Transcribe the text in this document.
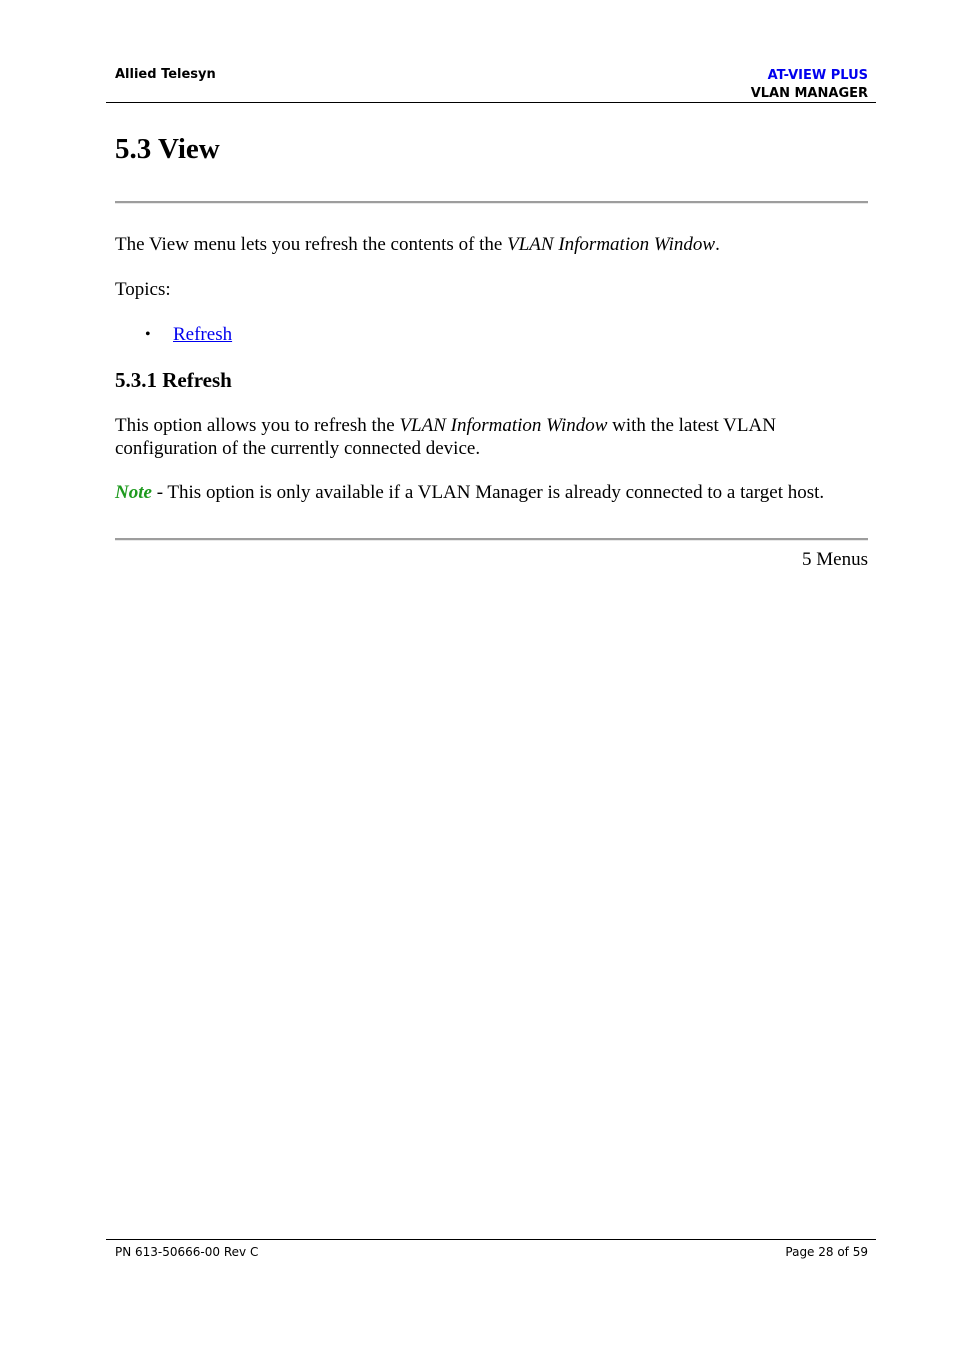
Allied Telesyn	AT-VIEW PLUS
VLAN MANAGER
5.3 View

The View menu lets you refresh the contents of the VLAN Information Window.

Topics:

• Refresh
5.3.1 Refresh

This option allows you to refresh the VLAN Information Window with the latest VLAN configuration of the currently connected device.

Note - This option is only available if a VLAN Manager is already connected to a target host.

5 Menus
PN 613-50666-00 Rev C	Page 28 of 59
